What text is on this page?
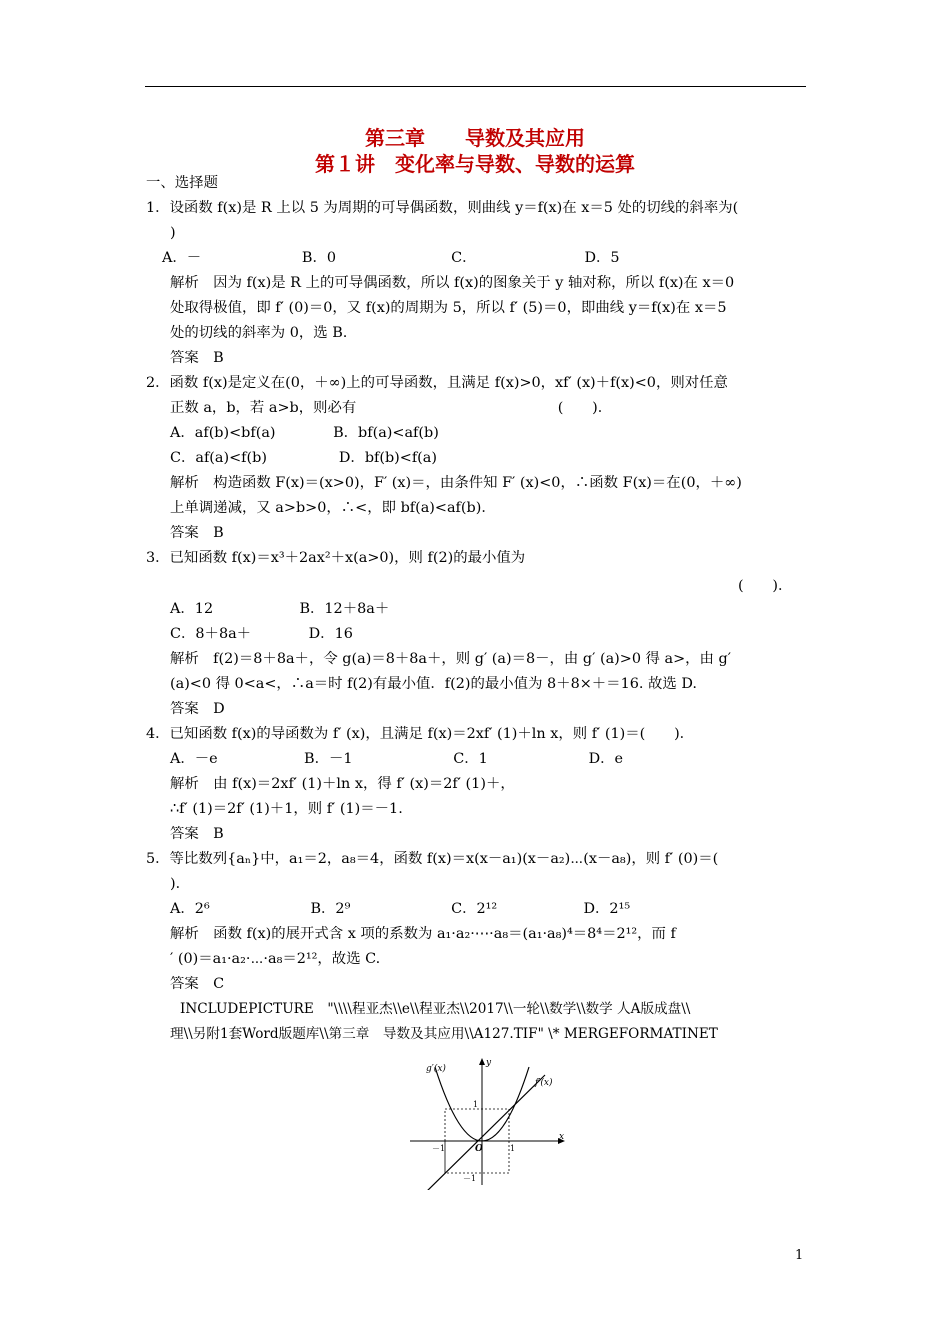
第三章　　导数及其应用
第１讲　变化率与导数、导数的运算
一、选择题
1．设函数 f(x)是 R 上以 5 为周期的可导偶函数，则曲线 y＝f(x)在 x＝5 处的切线的斜率为(
)
A．－　　　　　　　B．0　　　　　　　　C．　　　　　　　　D．5
解析　因为 f(x)是 R 上的可导偶函数，所以 f(x)的图象关于 y 轴对称，所以 f(x)在 x＝0
处取得极值，即 f′ (0)＝0，又 f(x)的周期为 5，所以 f′ (5)＝0，即曲线 y＝f(x)在 x＝5
处的切线的斜率为 0，选 B.
答案　B
2．函数 f(x)是定义在(0，＋∞)上的可导函数，且满足 f(x)>0，xf′ (x)＋f(x)<0，则对任意
正数 a，b，若 a>b，则必有　　　　　　　　　　　　　　(　　)．
A．af(b)<bf(a)　　　　B．bf(a)<af(b)
C．af(a)<f(b)　　　　　D．bf(b)<f(a)
解析　构造函数 F(x)＝(x>0)，F′ (x)＝，由条件知 F′ (x)<0，∴函数 F(x)＝在(0，＋∞)
上单调递减，又 a>b>0，∴<，即 bf(a)<af(b)．
答案　B
3．已知函数 f(x)＝x³＋2ax²＋x(a>0)，则 f(2)的最小值为
(　　)．
A．12　　　　　　B．12＋8a＋
C．8＋8a＋　　　　D．16
解析　f(2)＝8＋8a＋，令 g(a)＝8＋8a＋，则 g′ (a)＝8－，由 g′ (a)>0 得 a>，由 g′
(a)<0 得 0<a<，∴a＝时 f(2)有最小值．f(2)的最小值为 8＋8×＋＝16. 故选 D.
答案　D
4．已知函数 f(x)的导函数为 f′ (x)，且满足 f(x)＝2xf′ (1)＋ln x，则 f′ (1)＝(　　)．
A．－e　　　　　　B．－1　　　　　　　C．1　　　　　　　D．e
解析　由 f(x)＝2xf′ (1)＋ln x，得 f′ (x)＝2f′ (1)＋，
∴f′ (1)＝2f′ (1)＋1，则 f′ (1)＝－1.
答案　B
5．等比数列{aₙ}中，a₁＝2，a₈＝4，函数 f(x)＝x(x－a₁)(x－a₂)⋯(x－a₈)，则 f′ (0)＝(
)．
A．2⁶　　　　　　　B．2⁹　　　　　　　C．2¹²　　　　　　D．2¹⁵
解析　函数 f(x)的展开式含 x 项的系数为 a₁·a₂·⋯·a₈＝(a₁·a₈)⁴＝8⁴＝2¹²，而 f
′ (0)＝a₁·a₂·⋯·a₈＝2¹²，故选 C.
答案　C
INCLUDEPICTURE　"\\\\程亚杰\\e\\程亚杰\\2017\\一轮\\数学\\数学 人A版成盘\\
理\\另附1套Word版题库\\第三章　导数及其应用\\A127.TIF" \* MERGEFORMATINET
g′(x)
f′(x)
y
x
1
1
－1
－1
O
1
